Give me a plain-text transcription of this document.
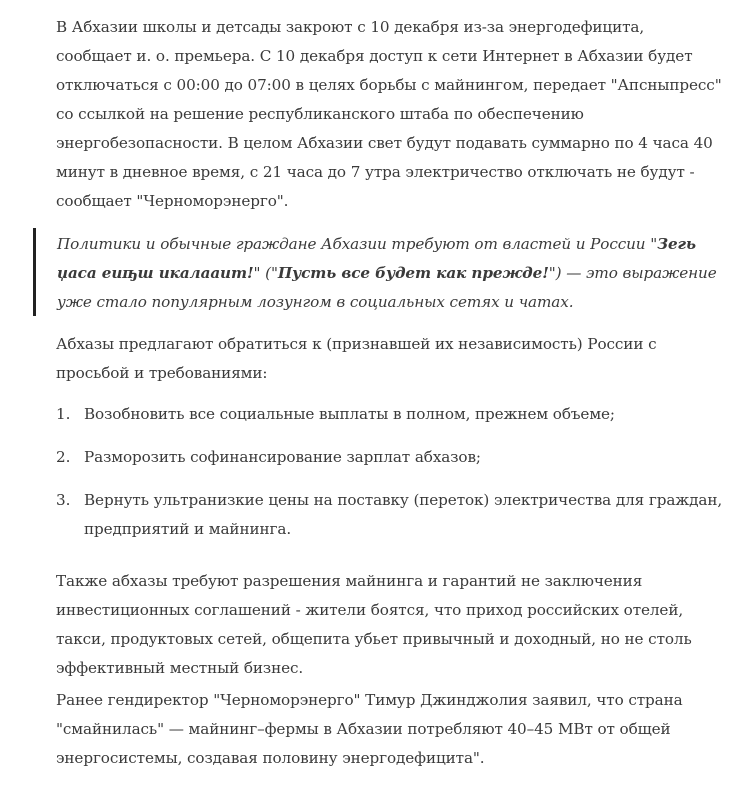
В Абхазии школы и детсады закроют с 10 декабря из-за энергодефицита, сообщает и. о. премьера. С 10 декабря доступ к сети Интернет в Абхазии будет отключаться с 00:00 до 07:00 в целях борьбы с майнингом, передает "Апсныпресс" со ссылкой на решение республиканского штаба по обеспечению энергобезопасности. В целом Абхазии свет будут подавать суммарно по 4 часа 40 минут в дневное время, с 21 часа до 7 утра электричество отключать не будут - сообщает "Черноморэнерго".

Политики и обычные граждане Абхазии требуют от властей и России "Зегь џаса еиҧш икалааит!" ("Пусть все будет как прежде!") — это выражение уже стало популярным лозунгом в социальных сетях и чатах.

Абхазы предлагают обратиться к (признавшей их независимость) России с просьбой и требованиями:

1. Возобновить все социальные выплаты в полном, прежнем объеме;
2. Разморозить софинансирование зарплат абхазов;
3. Вернуть ультранизкие цены на поставку (переток) электричества для граждан, предприятий и майнинга.

Также абхазы требуют разрешения майнинга и гарантий не заключения инвестиционных соглашений - жители боятся, что приход российских отелей, такси, продуктовых сетей, общепита убьет привычный и доходный, но не столь эффективный местный бизнес.

Ранее гендиректор "Черноморэнерго" Тимур Джинджолия заявил, что страна "смайнилась" — майнинг–фермы в Абхазии потребляют 40–45 МВт от общей энергосистемы, создавая половину энергодефицита".
